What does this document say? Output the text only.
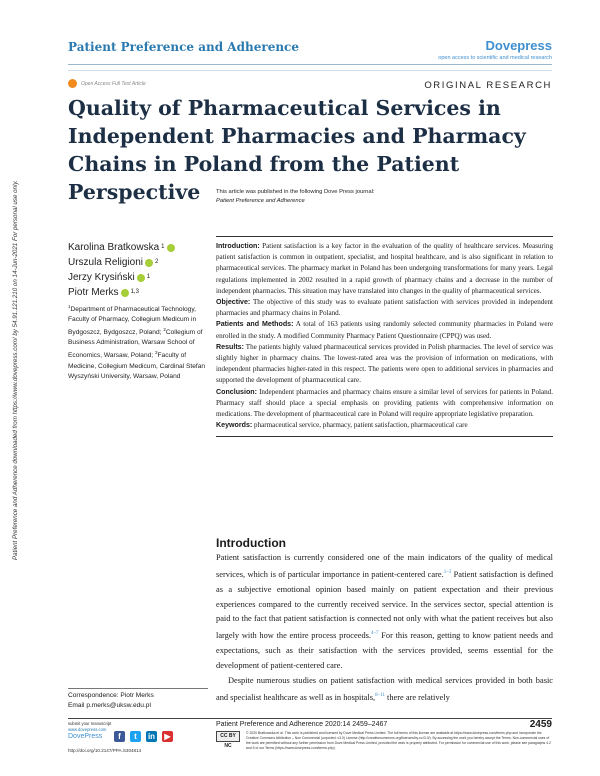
Patient Preference and Adherence	Dovepress
open access to scientific and medical research
Open Access Full Text Article	ORIGINAL RESEARCH
Quality of Pharmaceutical Services in Independent Pharmacies and Pharmacy Chains in Poland from the Patient Perspective	This article was published in the following Dove Press journal:
Patient Preference and Adherence
Patient Preference and Adherence downloaded from https://www.dovepress.com/ by 54.91.121.210 on 14-Jun-2021 For personal use only.	Karolina Bratkowska 1
Urszula Religioni 2
Jerzy Krysiński 1
Piotr Merks 1,3
$^1$Department of Pharmaceutical Technology, Faculty of Pharmacy, Collegium Medicum in Bydgoszcz, Bydgoszcz, Poland; $^2$Collegium of Business Administration, Warsaw School of Economics, Warsaw, Poland; $^3$Faculty of Medicine, Collegium Medicum, Cardinal Stefan Wyszyński University, Warsaw, Poland

Introduction: Patient satisfaction is a key factor in the evaluation of the quality of healthcare services. Measuring patient satisfaction is common in outpatient, specialist, and hospital healthcare, and is also significant in relation to pharmaceutical services. The pharmacy market in Poland has been undergoing transformations for many years. Legal regulations implemented in 2002 resulted in a rapid growth of pharmacy chains and a decrease in the number of independent pharmacies. This situation may have translated into changes in the quality of pharmaceutical services.

Objective: The objective of this study was to evaluate patient satisfaction with services provided in independent pharmacies and pharmacy chains in Poland.

Patients and Methods: A total of 163 patients using randomly selected community pharmacies in Poland were enrolled in the study. A modified Community Pharmacy Patient Questionnaire (CPPQ) was used.

Results: The patients highly valued pharmaceutical services provided in Polish pharmacies. The level of service was slightly higher in pharmacy chains. The lowest-rated area was the provision of information on medications, with independent pharmacies higher-rated in this respect. The patients were open to additional services in pharmacies and supported the development of pharmaceutical care.

Conclusion: Independent pharmacies and pharmacy chains ensure a similar level of services for patients in Poland. Pharmacy staff should place a special emphasis on providing patients with comprehensive information on medications. The development of pharmaceutical care in Poland will require appropriate legislative preparation.

Keywords: pharmaceutical service, pharmacy, patient satisfaction, pharmaceutical care

Introduction

Patient satisfaction is currently considered one of the main indicators of the quality of medical services, which is of particular importance in patient-centered care.$^{1-3}$ Patient satisfaction is defined as a subjective emotional opinion based mainly on patient expectation and their previous experiences compared to the currently received service. In the services sector, special attention is paid to the fact that patient satisfaction is connected not only with what the patient receives but also largely with how the entire process proceeds.$^{4-7}$ For this reason, getting to know patient needs and expectations, such as their satisfaction with the services provided, seems essential for the development of patient-centered care.

Despite numerous studies on patient satisfaction with medical services provided in both basic and specialist healthcare as well as in hospitals,$^{8-11}$ there are relatively

Correspondence: Piotr Merks
Email p.merks@uksw.edu.pl
submit your manuscript
www.dovepress.com
DovePress	f	t	in	▶
http://doi.org/10.2147/PPA.S304814
Patient Preference and Adherence 2020:14 2459–2467	2459
CC BY NC
© 2020 Bratkowska et al. This work is published and licensed by Dove Medical Press Limited. The full terms of this license are available at https://www.dovepress.com/terms.php and incorporate the Creative Commons Attribution – Non Commercial (unported, v3.0) License (http://creativecommons.org/licenses/by-nc/3.0/). By accessing the work you hereby accept the Terms. Non-commercial uses of the work are permitted without any further permission from Dove Medical Press Limited, provided the work is properly attributed. For permission for commercial use of this work, please see paragraphs 4.2 and 5 of our Terms (https://www.dovepress.com/terms.php).
